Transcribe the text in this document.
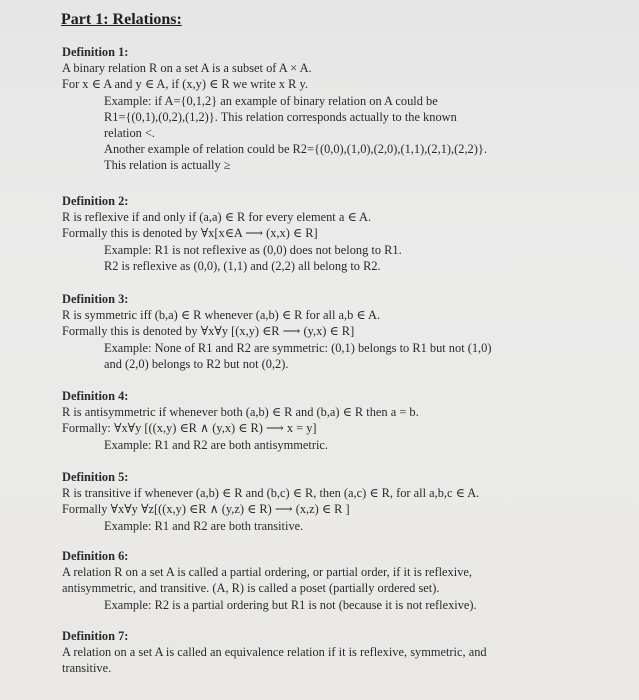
Part 1: Relations:
Definition 1:
A binary relation R on a set A is a subset of A × A.
For x ∈ A and y ∈ A, if (x,y) ∈ R we write x R y.
Example: if A={0,1,2} an example of binary relation on A could be
R1={(0,1),(0,2),(1,2)}. This relation corresponds actually to the known
relation <.
Another example of relation could be R2={(0,0),(1,0),(2,0),(1,1),(2,1),(2,2)}.
This relation is actually ≥
Definition 2:
R is reflexive if and only if (a,a) ∈ R for every element a ∈ A.
Formally this is denoted by ∀x[x∈A ⟶ (x,x) ∈ R]
Example: R1 is not reflexive as (0,0) does not belong to R1.
R2 is reflexive as (0,0), (1,1) and (2,2) all belong to R2.
Definition 3:
R is symmetric iff (b,a) ∈ R whenever (a,b) ∈ R for all a,b ∈ A.
Formally this is denoted by ∀x∀y [(x,y) ∈R ⟶ (y,x) ∈ R]
Example: None of R1 and R2 are symmetric: (0,1) belongs to R1 but not (1,0)
and (2,0) belongs to R2 but not (0,2).
Definition 4:
R is antisymmetric if whenever both (a,b) ∈ R and (b,a) ∈ R then a = b.
Formally: ∀x∀y [((x,y) ∈R ∧ (y,x) ∈ R) ⟶ x = y]
Example: R1 and R2 are both antisymmetric.
Definition 5:
R is transitive if whenever (a,b) ∈ R and (b,c) ∈ R, then (a,c) ∈ R, for all a,b,c ∈ A.
Formally ∀x∀y ∀z[((x,y) ∈R ∧ (y,z) ∈ R) ⟶ (x,z) ∈ R ]
Example: R1 and R2 are both transitive.
Definition 6:
A relation R on a set A is called a partial ordering, or partial order, if it is reflexive,
antisymmetric, and transitive. (A, R) is called a poset (partially ordered set).
Example: R2 is a partial ordering but R1 is not (because it is not reflexive).
Definition 7:
A relation on a set A is called an equivalence relation if it is reflexive, symmetric, and
transitive.
